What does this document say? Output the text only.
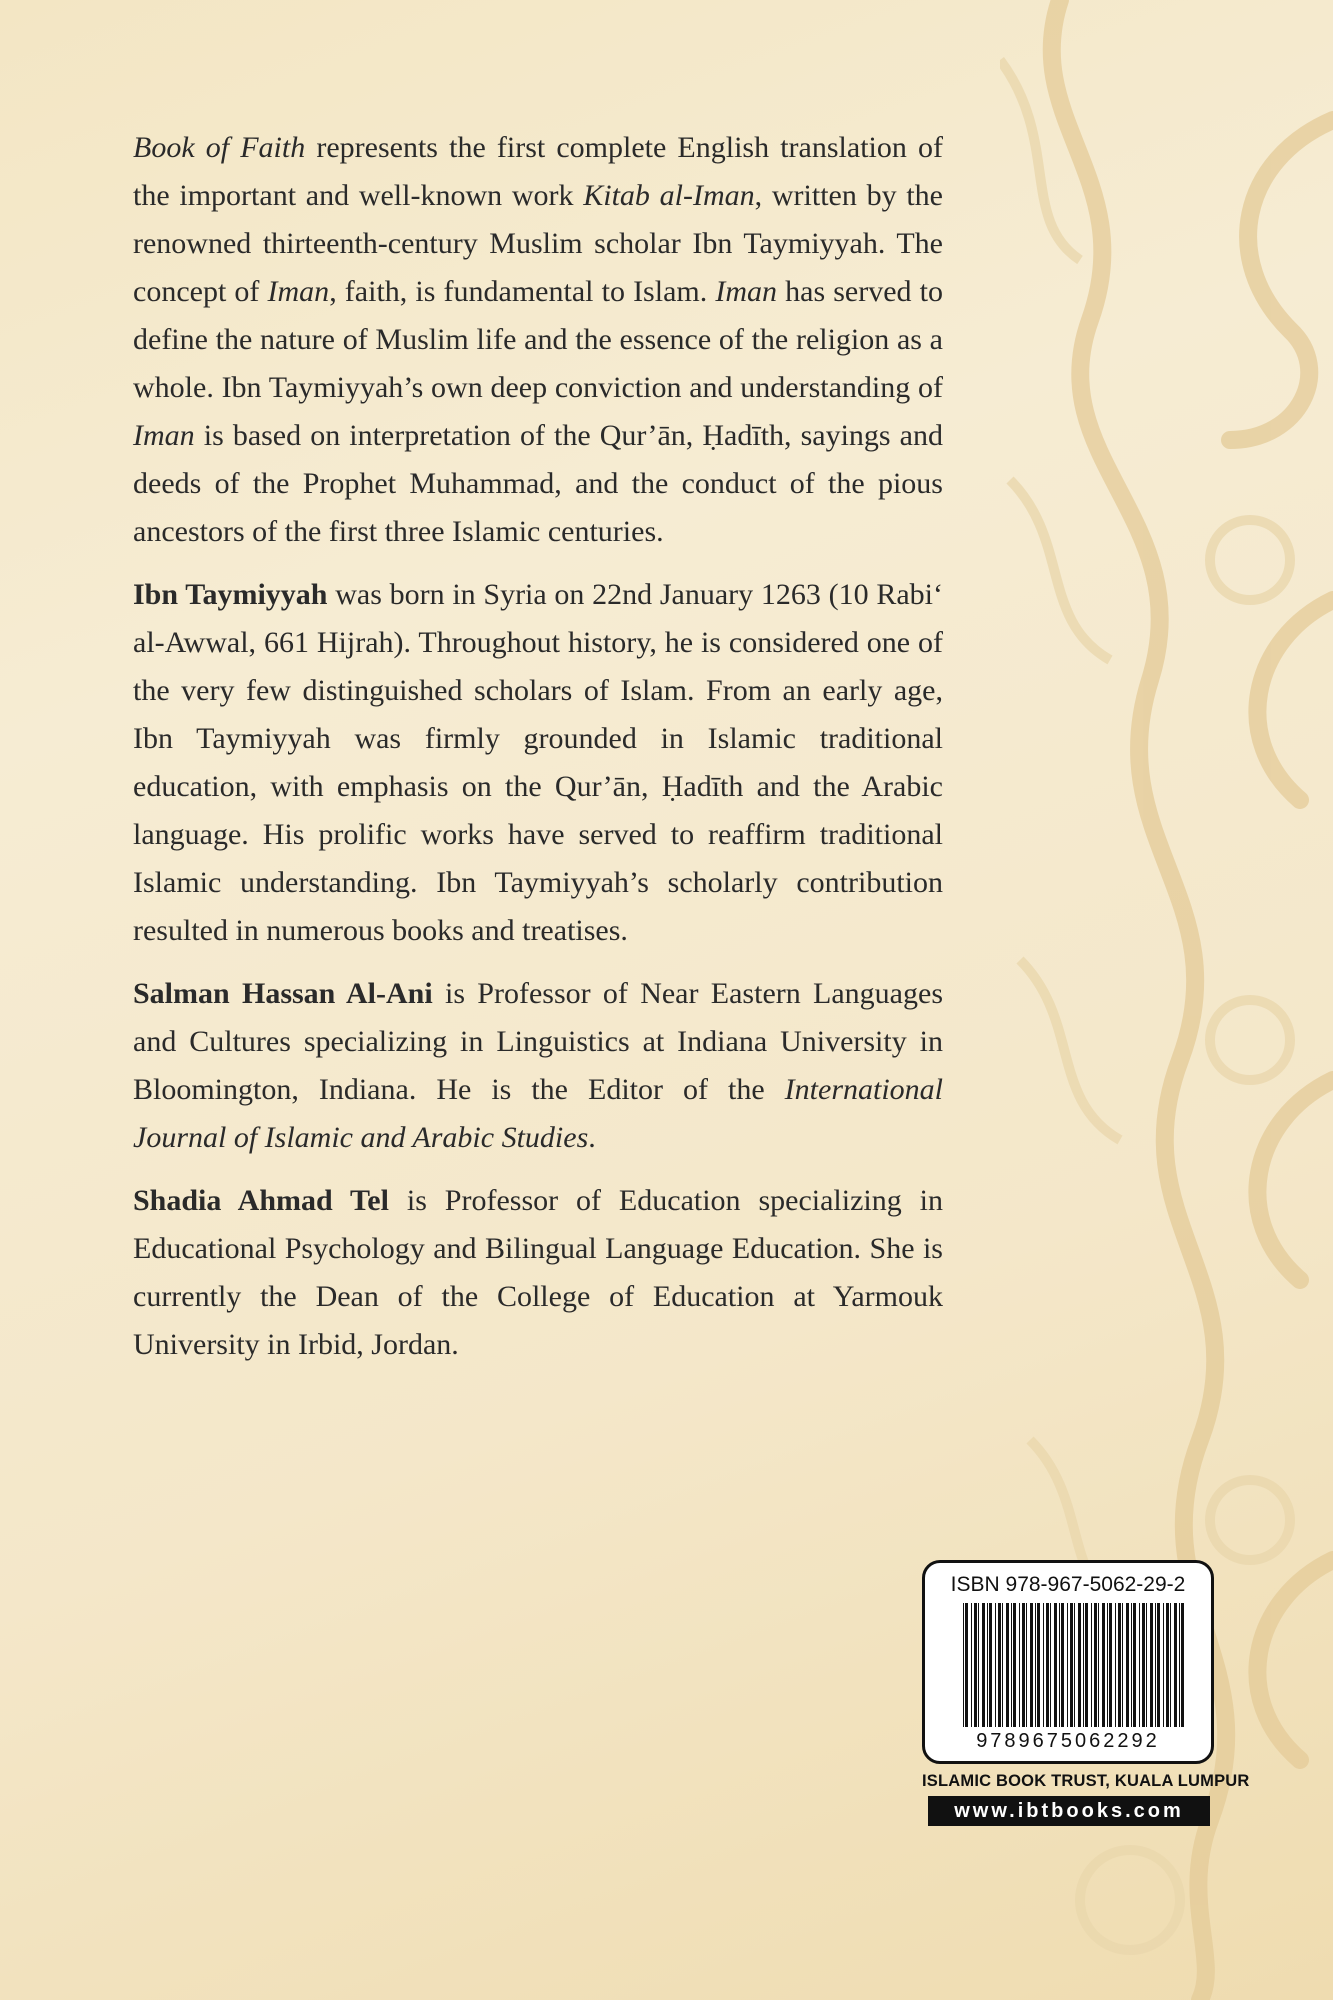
Book of Faith represents the first complete English translation of the important and well-known work Kitab al-Iman, written by the renowned thirteenth-century Muslim scholar Ibn Taymiyyah. The concept of Iman, faith, is fundamental to Islam. Iman has served to define the nature of Muslim life and the essence of the religion as a whole. Ibn Taymiyyah’s own deep conviction and understanding of Iman is based on interpretation of the Qur’ān, Ḥadīth, sayings and deeds of the Prophet Muhammad, and the conduct of the pious ancestors of the first three Islamic centuries.

Ibn Taymiyyah was born in Syria on 22nd January 1263 (10 Rabi‘ al-Awwal, 661 Hijrah). Throughout history, he is considered one of the very few distinguished scholars of Islam. From an early age, Ibn Taymiyyah was firmly grounded in Islamic traditional education, with emphasis on the Qur’ān, Ḥadīth and the Arabic language. His prolific works have served to reaffirm traditional Islamic understanding. Ibn Taymiyyah’s scholarly contribution resulted in numerous books and treatises.

Salman Hassan Al-Ani is Professor of Near Eastern Languages and Cultures specializing in Linguistics at Indiana University in Bloomington, Indiana. He is the Editor of the International Journal of Islamic and Arabic Studies.

Shadia Ahmad Tel is Professor of Education specializing in Educational Psychology and Bilingual Language Education. She is currently the Dean of the College of Education at Yarmouk University in Irbid, Jordan.

ISBN 978-967-5062-29-2
9789675062292
ISLAMIC BOOK TRUST, KUALA LUMPUR
www.ibtbooks.com
